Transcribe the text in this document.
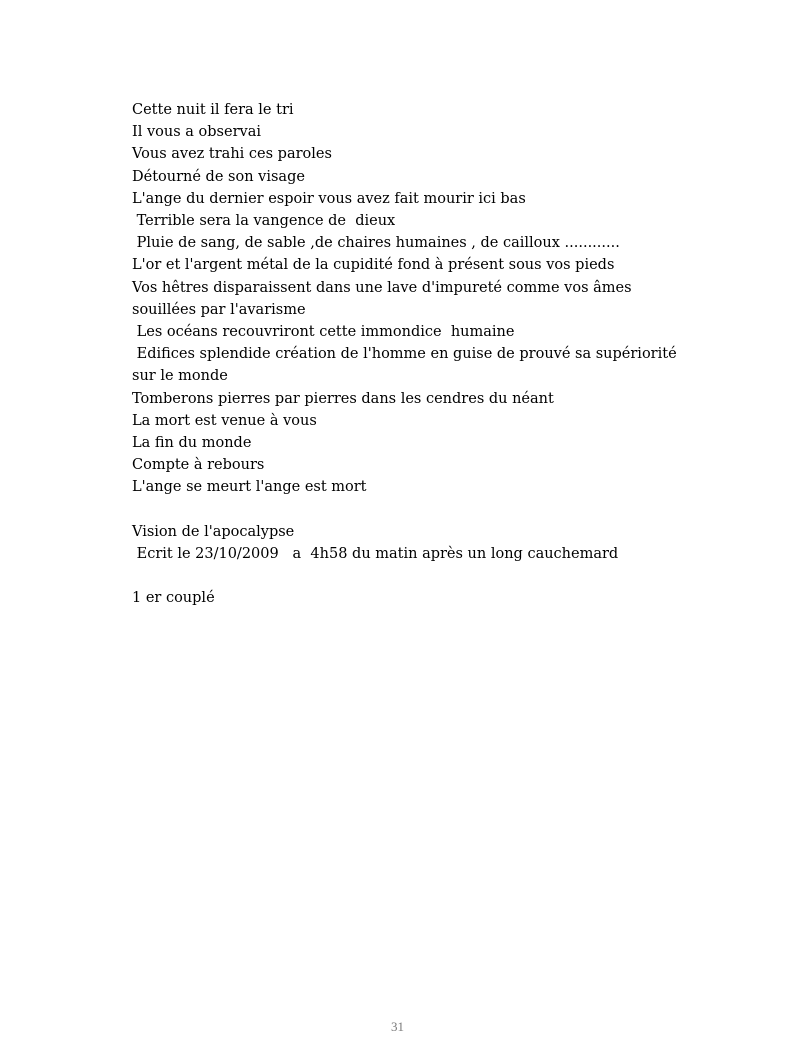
Cette nuit il fera le tri
Il vous a observai
Vous avez trahi ces paroles
Détourné de son visage
L'ange du dernier espoir vous avez fait mourir ici bas
Terrible sera la vangence de  dieux
Pluie de sang, de sable ,de chaires humaines , de cailloux ............
L'or et l'argent métal de la cupidité fond à présent sous vos pieds
Vos hêtres disparaissent dans une lave d'impureté comme vos âmes
souillées par l'avarisme
Les océans recouvriront cette immondice  humaine
Edifices splendide création de l'homme en guise de prouvé sa supériorité
sur le monde
Tomberons pierres par pierres dans les cendres du néant
La mort est venue à vous
La fin du monde
Compte à rebours
L'ange se meurt l'ange est mort
Vision de l'apocalypse
Ecrit le 23/10/2009   a  4h58 du matin après un long cauchemard
1 er couplé
31
